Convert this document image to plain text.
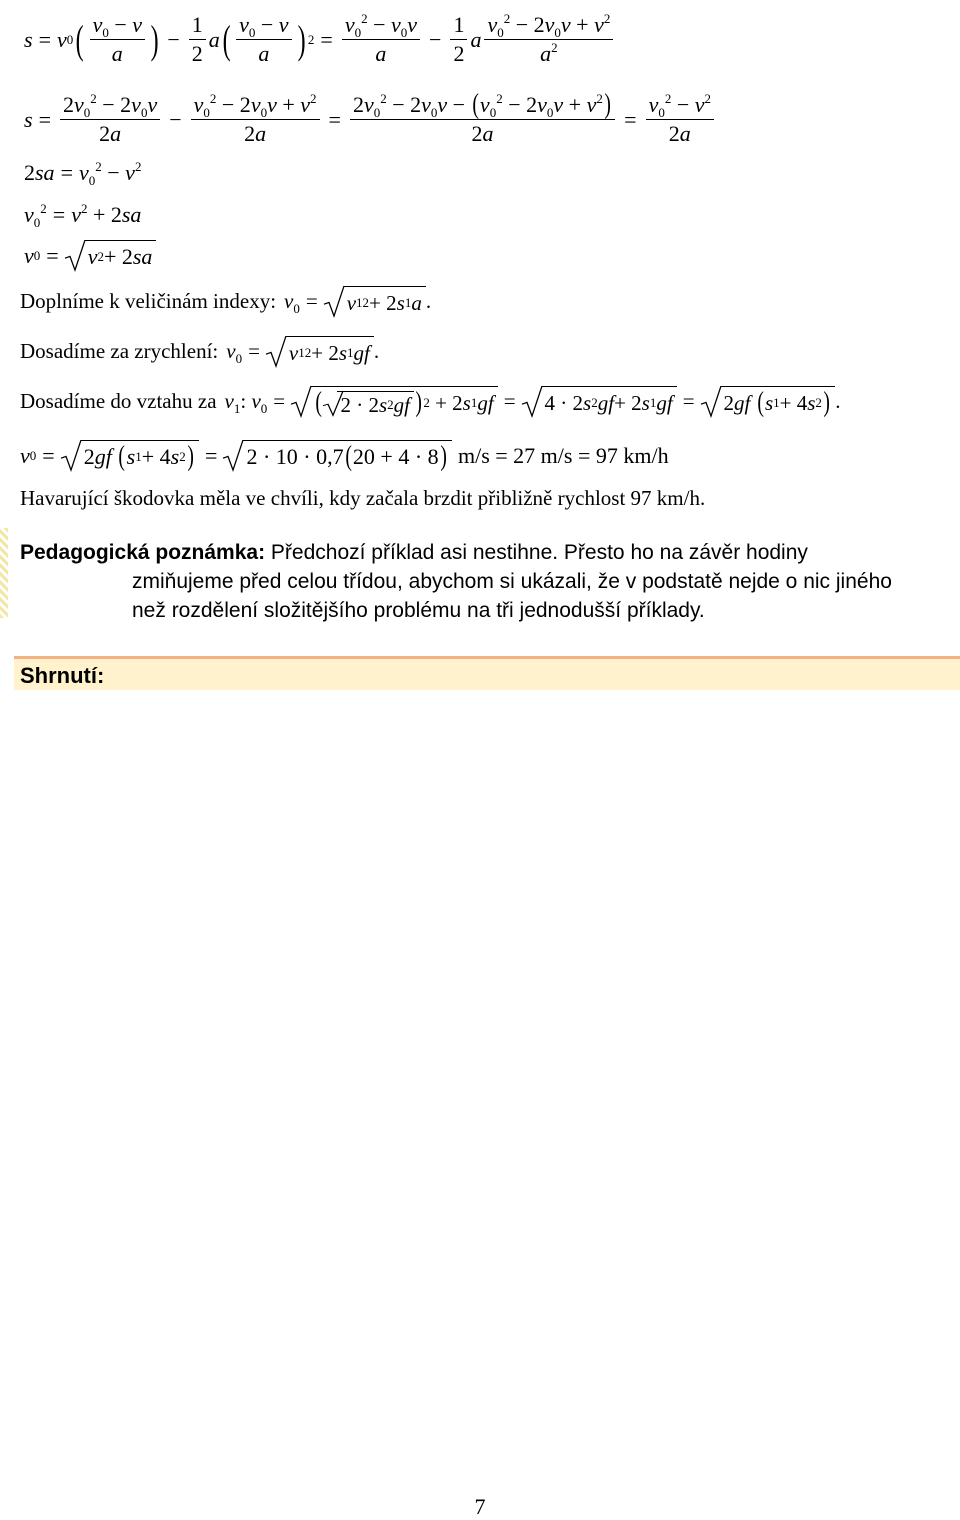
s = v 0 ( $\frac{v_0 - v}{a}$ ) − $\frac{1}{2}$ a ( $\frac{v_0 - v}{a}$ ) $2 = \frac{v_0^2 - v_0v}{a} - \frac{1}{2}$ a $\frac{v_0^2 - 2v_0v + v^2}{a^2}$
$s = \frac{2v_0^2 - 2v_0v}{2a} - \frac{v_0^2 - 2v_0v + v^2}{2a} = \frac{2v_0^2 - 2v_0v - (v_0^2 - 2v_0v + v^2)}{2a} = \frac{v_0^2 - v^2}{2a}$
$2sa = v_0^2 - v^2$
$v_0^2 = v^2 + 2sa$
v 0 = v 2 + 2 sa
Doplníme k veličinám indexy: $v_0 = v$ 1 2 + 2 s 1 a .
Dosadíme za zrychlení: $v_0 = v$ 1 2 + 2 s 1 gf .
Dosadíme do vztahu za $v_1$: $v_0$ = ( 2 · 2 s 2 gf ) 2 + 2 s 1 gf = 4 · 2 s 2 gf + 2 s 1 gf = 2 gf
( s 1 + 4 s 2 ) .
v 0 = 2 gf
( s 1 + 4 s 2 ) = 2 · 10 · 0,7 ( 20 + 4 · 8 ) m/s = 27 m/s = 97 km/h
Havarující škodovka měla ve chvíli, kdy začala brzdit přibližně rychlost 97 km/h.
Pedagogická poznámka: Předchozí příklad asi nestihne. Přesto ho na závěr hodiny
zmiňujeme před celou třídou, abychom si ukázali, že v podstatě nejde o nic jiného
než rozdělení složitějšího problému na tři jednodušší příklady.
Shrnutí:
7
